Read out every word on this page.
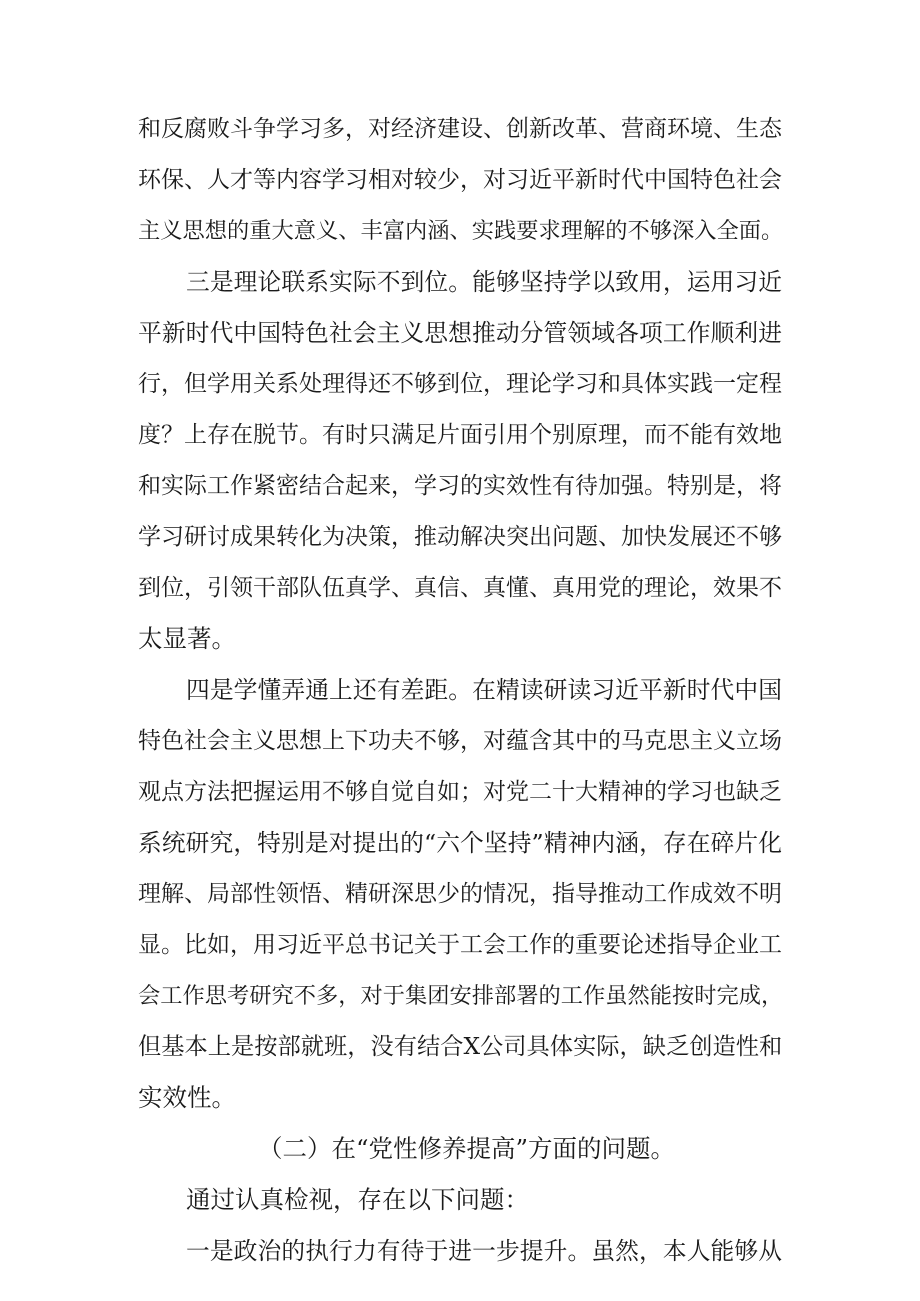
和反腐败斗争学习多，对经济建设、创新改革、营商环境、生态
环保、人才等内容学习相对较少，对习近平新时代中国特色社会
主义思想的重大意义、丰富内涵、实践要求理解的不够深入全面。
三是理论联系实际不到位。能够坚持学以致用，运用习近
平新时代中国特色社会主义思想推动分管领域各项工作顺利进
行，但学用关系处理得还不够到位，理论学习和具体实践一定程
度？上存在脱节。有时只满足片面引用个别原理，而不能有效地
和实际工作紧密结合起来，学习的实效性有待加强。特别是，将
学习研讨成果转化为决策，推动解决突出问题、加快发展还不够
到位，引领干部队伍真学、真信、真懂、真用党的理论，效果不
太显著。
四是学懂弄通上还有差距。在精读研读习近平新时代中国
特色社会主义思想上下功夫不够，对蕴含其中的马克思主义立场
观点方法把握运用不够自觉自如；对党二十大精神的学习也缺乏
系统研究，特别是对提出的“六个坚持”精神内涵，存在碎片化
理解、局部性领悟、精研深思少的情况，指导推动工作成效不明
显。比如，用习近平总书记关于工会工作的重要论述指导企业工
会工作思考研究不多，对于集团安排部署的工作虽然能按时完成，
但基本上是按部就班，没有结合X公司具体实际，缺乏创造性和
实效性。
（二）在“党性修养提高”方面的问题。
通过认真检视，存在以下问题：
一是政治的执行力有待于进一步提升。虽然，本人能够从
